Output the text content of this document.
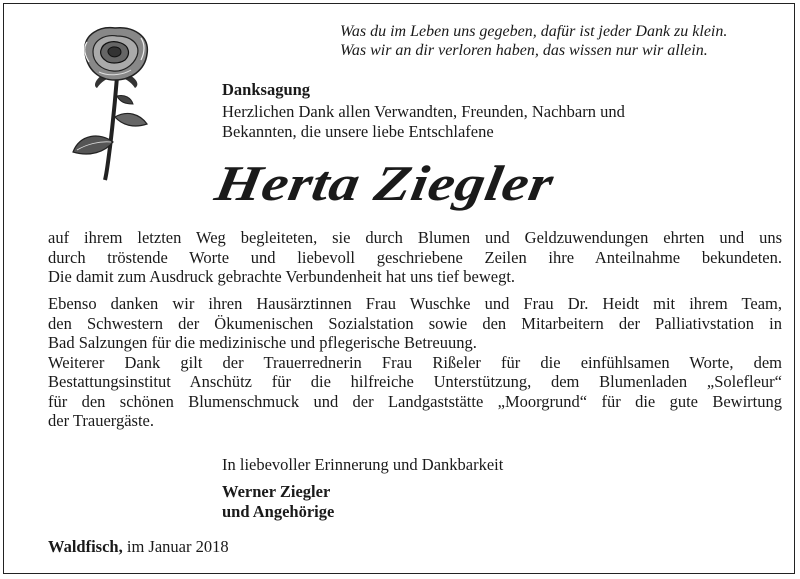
Was du im Leben uns gegeben, dafür ist jeder Dank zu klein.
Was wir an dir verloren haben, das wissen nur wir allein.
Danksagung
Herzlichen Dank allen Verwandten, Freunden, Nachbarn und
Bekannten, die unsere liebe Entschlafene
Herta Ziegler
auf ihrem letzten Weg begleiteten, sie durch Blumen und Geldzuwendungen ehrten und uns
durch tröstende Worte und liebevoll geschriebene Zeilen ihre Anteilnahme bekundeten.
Die damit zum Ausdruck gebrachte Verbundenheit hat uns tief bewegt.
Ebenso danken wir ihren Hausärztinnen Frau Wuschke und Frau Dr. Heidt mit ihrem Team,
den Schwestern der Ökumenischen Sozialstation sowie den Mitarbeitern der Palliativstation in
Bad Salzungen für die medizinische und pflegerische Betreuung.
Weiterer Dank gilt der Trauerrednerin Frau Rißeler für die einfühlsamen Worte, dem
Bestattungsinstitut Anschütz für die hilfreiche Unterstützung, dem Blumenladen „Solefleur“
für den schönen Blumenschmuck und der Landgaststätte „Moorgrund“ für die gute Bewirtung
der Trauergäste.
In liebevoller Erinnerung und Dankbarkeit
Werner Ziegler
und Angehörige
Waldfisch, im Januar 2018
